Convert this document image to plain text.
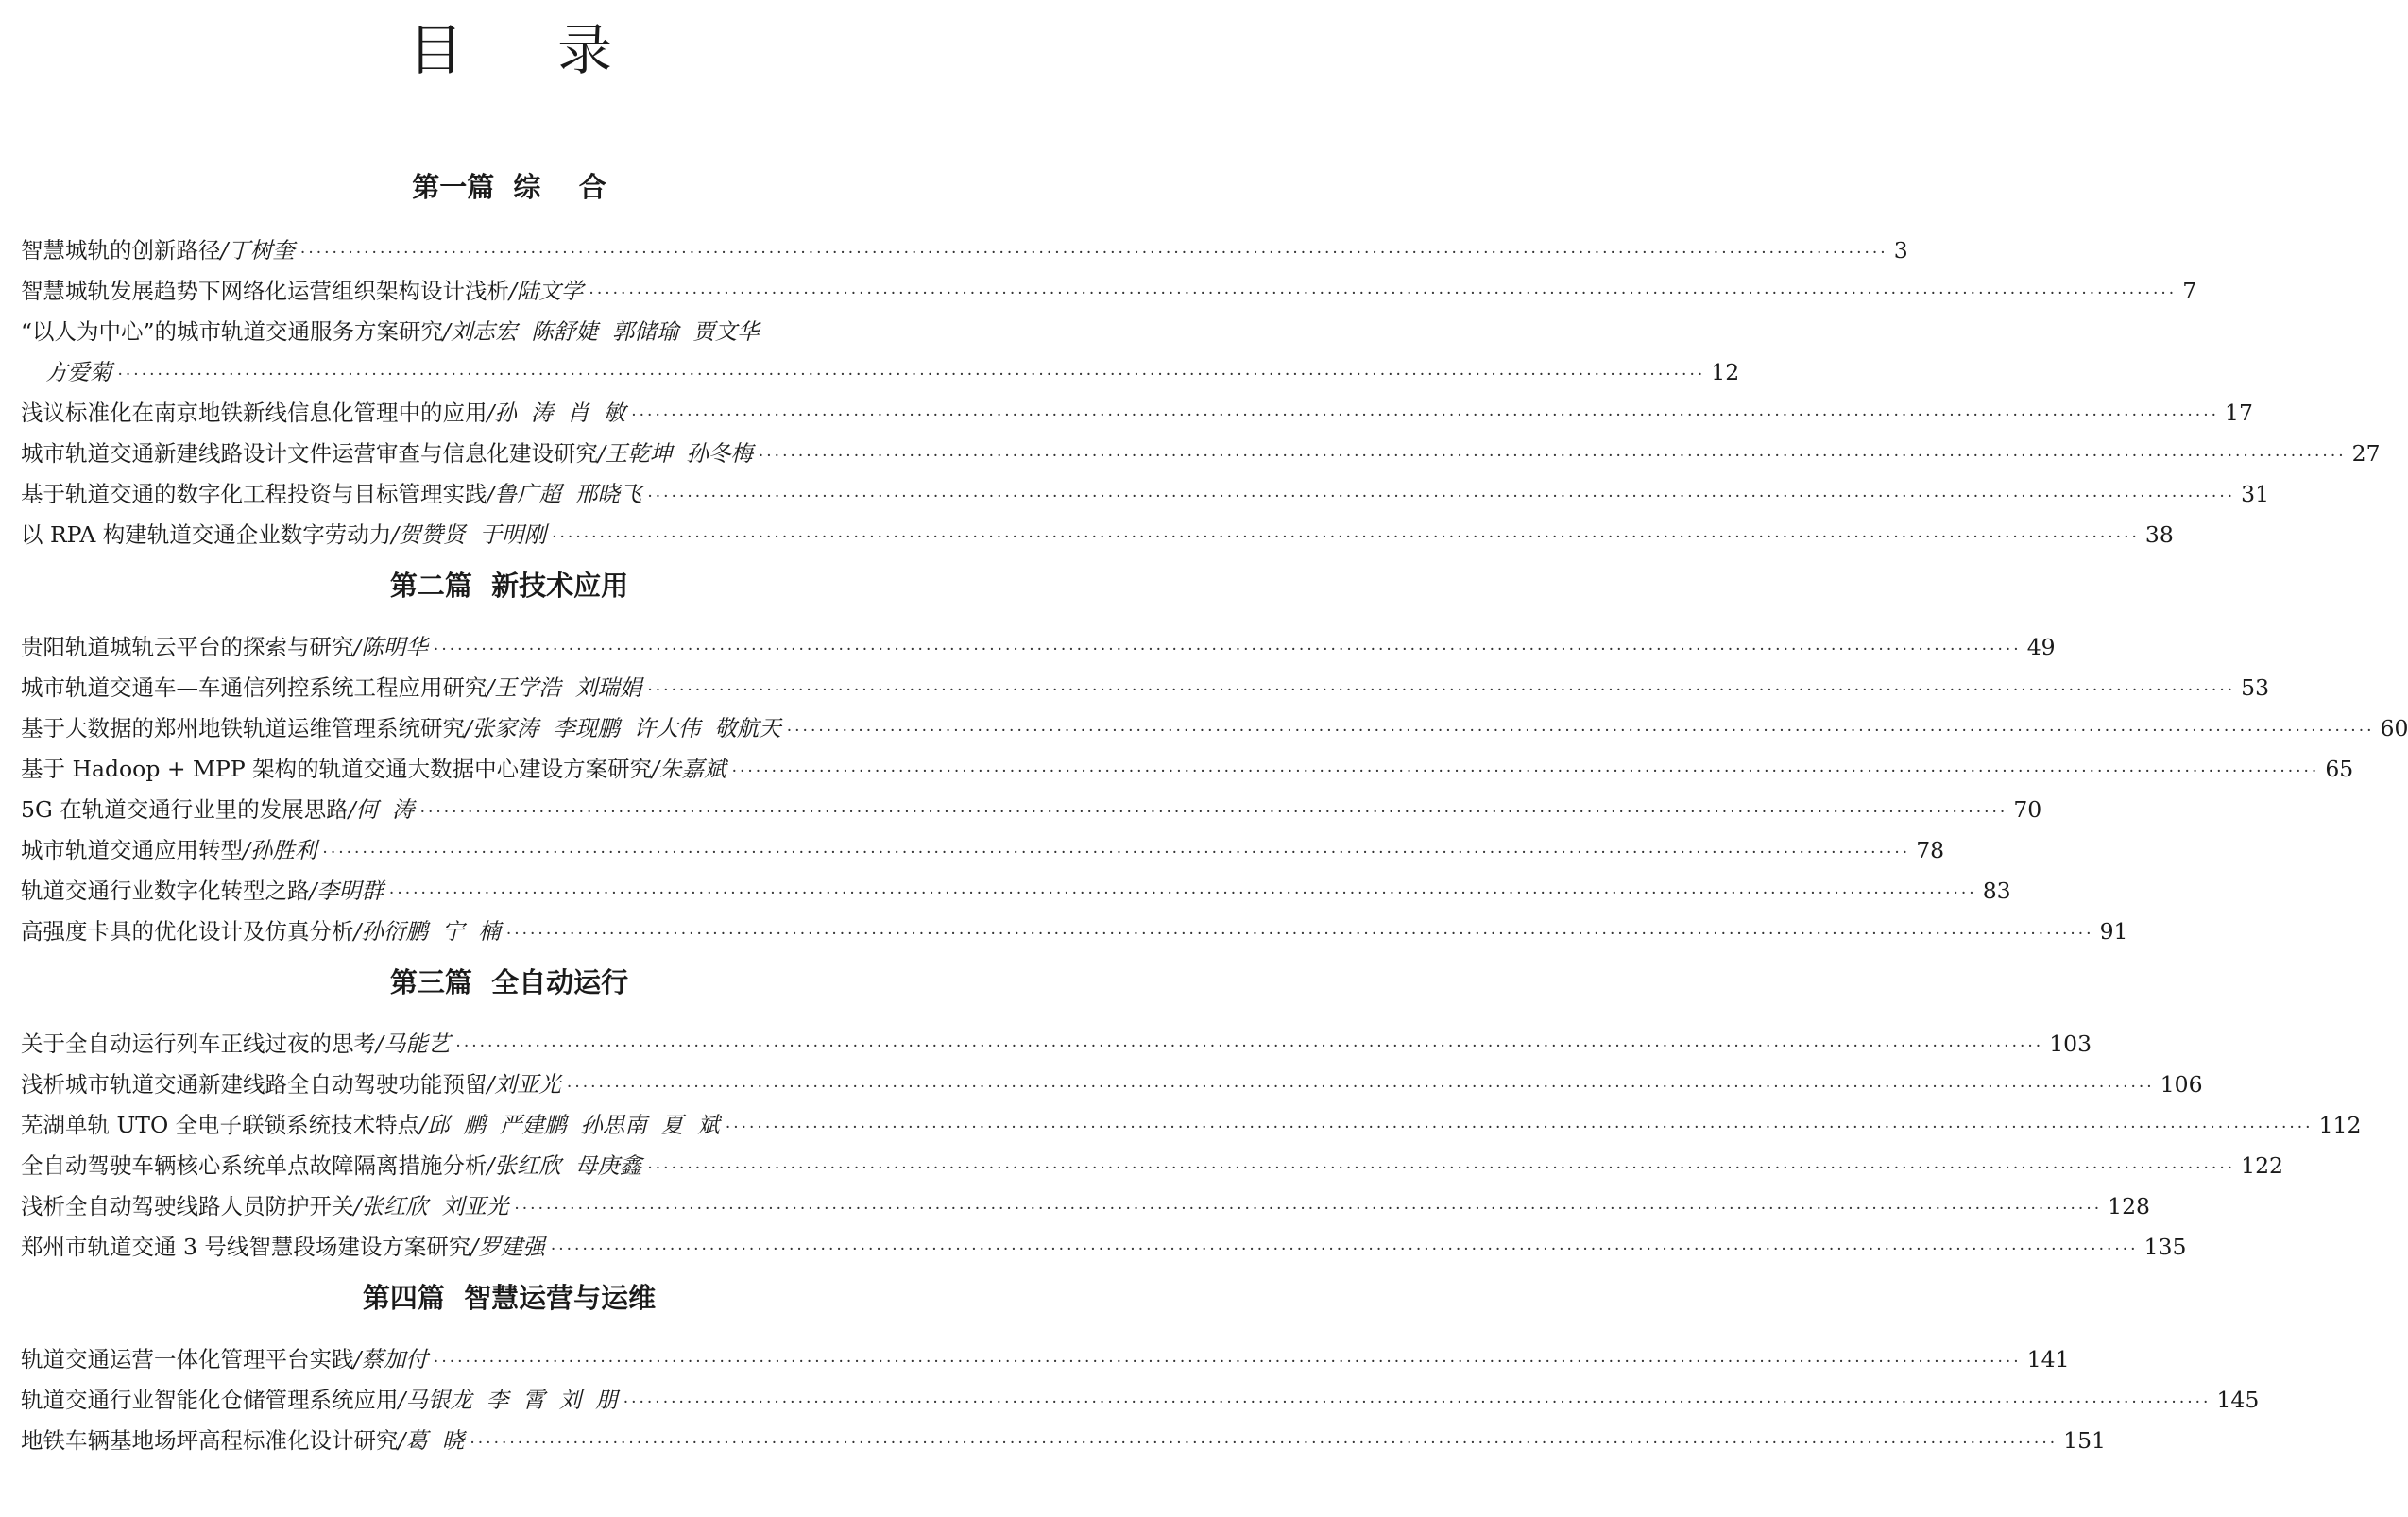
目录
第一篇  综    合
智慧城轨的创新路径 /丁树奎 ········································································································································································································ 3
智慧城轨发展趋势下网络化运营组织架构设计浅析 /陆文学 ········································································································································································································ 7
“以人为中心”的城市轨道交通服务方案研究/刘志宏  陈舒婕  郭储瑜  贾文华
方爱菊 ········································································································································································································ 12
浅议标准化在南京地铁新线信息化管理中的应用 /孙  涛  肖  敏 ········································································································································································································ 17
城市轨道交通新建线路设计文件运营审查与信息化建设研究 /王乾坤  孙冬梅 ········································································································································································································ 27
基于轨道交通的数字化工程投资与目标管理实践 /鲁广超  邢晓飞 ········································································································································································································ 31
以 RPA 构建轨道交通企业数字劳动力 /贺赞贤  于明刚 ········································································································································································································ 38
第二篇  新技术应用
贵阳轨道城轨云平台的探索与研究 /陈明华 ········································································································································································································ 49
城市轨道交通车—车通信列控系统工程应用研究 /王学浩  刘瑞娟 ········································································································································································································ 53
基于大数据的郑州地铁轨道运维管理系统研究 /张家涛  李现鹏  许大伟  敬航天 ········································································································································································································ 60
基于 Hadoop + MPP 架构的轨道交通大数据中心建设方案研究 /朱嘉斌 ········································································································································································································ 65
5G 在轨道交通行业里的发展思路 /何  涛 ········································································································································································································ 70
城市轨道交通应用转型 /孙胜利 ········································································································································································································ 78
轨道交通行业数字化转型之路 /李明群 ········································································································································································································ 83
高强度卡具的优化设计及仿真分析 /孙衍鹏  宁  楠 ········································································································································································································ 91
第三篇  全自动运行
关于全自动运行列车正线过夜的思考 /马能艺 ········································································································································································································ 103
浅析城市轨道交通新建线路全自动驾驶功能预留 /刘亚光 ········································································································································································································ 106
芜湖单轨 UTO 全电子联锁系统技术特点 /邱  鹏  严建鹏  孙思南  夏  斌 ········································································································································································································ 112
全自动驾驶车辆核心系统单点故障隔离措施分析 /张红欣  母庚鑫 ········································································································································································································ 122
浅析全自动驾驶线路人员防护开关 /张红欣  刘亚光 ········································································································································································································ 128
郑州市轨道交通 3 号线智慧段场建设方案研究 /罗建强 ········································································································································································································ 135
第四篇  智慧运营与运维
轨道交通运营一体化管理平台实践 /蔡加付 ········································································································································································································ 141
轨道交通行业智能化仓储管理系统应用 /马银龙  李  霄  刘  朋 ········································································································································································································ 145
地铁车辆基地场坪高程标准化设计研究 /葛  晓 ········································································································································································································ 151
